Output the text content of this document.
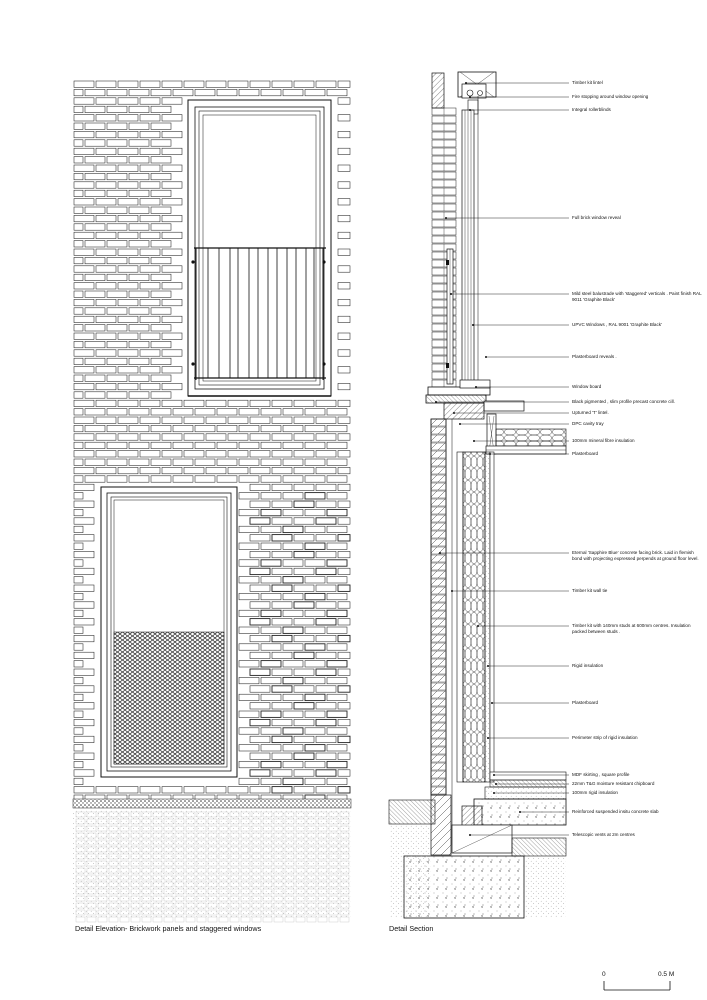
Detail Elevation- Brickwork panels and staggered windows	Detail Section
0	0.5 M
Timber kit lintel
Fire stopping around window opening
Integral rollerblinds
Full brick window reveal
Mild steel balustrade with 'staggered' verticals . Paint finish RAL 9011 'Graphite Black'
UPVC Windows , RAL 9001 'Graphite Black'
Plasterboard reveals .
Window board
Black pigmented , slim profile precast concrete cill.
Upturned 'T' lintel.
DPC cavity tray
100mm mineral fibre insulation
Plasterboard
Eternal 'Sapphire Blue' concrete facing brick. Laid in flemish bond with projecting expressed perpends at ground floor level.
Timber kit wall tie
Timber kit with 140mm studs at 600mm centres. Insulation packed between studs .
Rigid insulation
Plasterboard
Perimeter strip of rigid insulation
MDF skirting , square profile
22mm T&G moisture resistant chipboard
100mm rigid insulation
Reinforced suspended insitu concrete slab
Telescopic vents at 2m centres
